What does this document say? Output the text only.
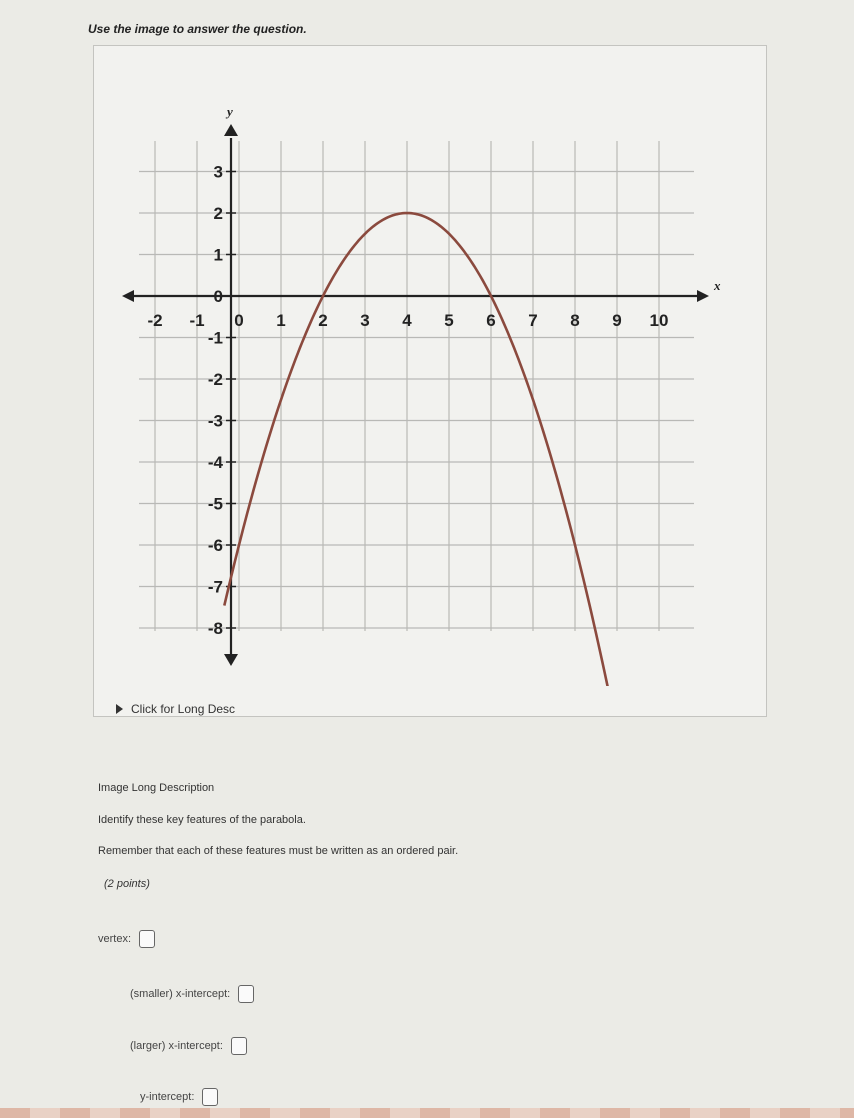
Use the image to answer the question.
x
y
-2 -1 0 1 2 3 4 5 6 7 8 9 10
3
2
1
0
-1
-2
-3
-4
-5
-6
-7
-8
Click for Long Desc
Image Long Description
Identify these key features of the parabola.
Remember that each of these features must be written as an ordered pair.
(2 points)
vertex:
(smaller) x-intercept:
(larger) x-intercept:
y-intercept:
